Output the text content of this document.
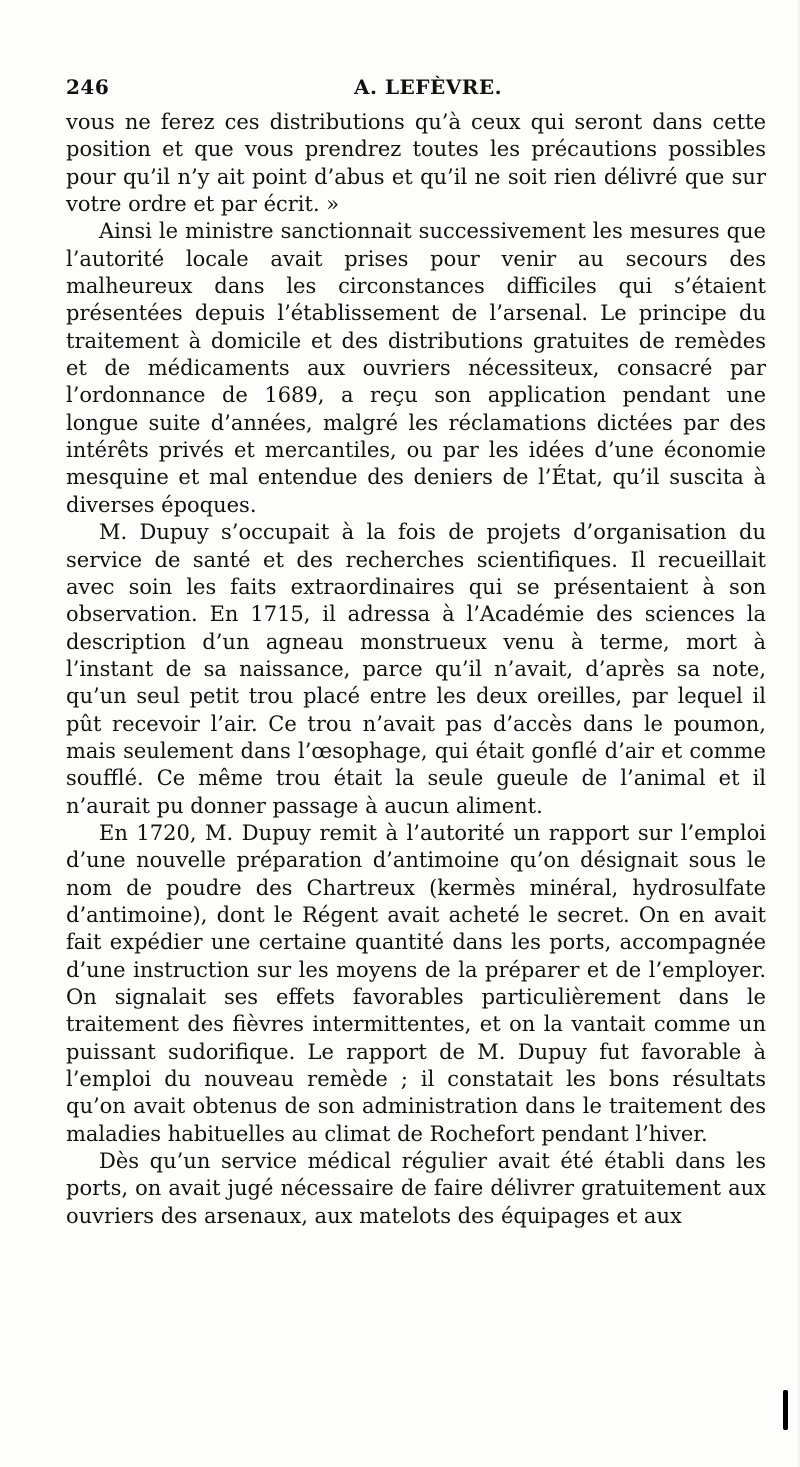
246	A. LEFÈVRE.

vous ne ferez ces distributions qu’à ceux qui seront dans cette position et que vous prendrez toutes les précautions possibles pour qu’il n’y ait point d’abus et qu’il ne soit rien délivré que sur votre ordre et par écrit. »

Ainsi le ministre sanctionnait successivement les mesures que l’autorité locale avait prises pour venir au secours des malheureux dans les circonstances difficiles qui s’étaient présentées depuis l’établissement de l’arsenal. Le principe du traitement à domicile et des distributions gratuites de remèdes et de médicaments aux ouvriers nécessiteux, consacré par l’ordonnance de 1689, a reçu son application pendant une longue suite d’années, malgré les réclamations dictées par des intérêts privés et mercantiles, ou par les idées d’une économie mesquine et mal entendue des deniers de l’État, qu’il suscita à diverses époques.

M. Dupuy s’occupait à la fois de projets d’organisation du service de santé et des recherches scientifiques. Il recueillait avec soin les faits extraordinaires qui se présentaient à son observation. En 1715, il adressa à l’Académie des sciences la description d’un agneau monstrueux venu à terme, mort à l’instant de sa naissance, parce qu’il n’avait, d’après sa note, qu’un seul petit trou placé entre les deux oreilles, par lequel il pût recevoir l’air. Ce trou n’avait pas d’accès dans le poumon, mais seulement dans l’œsophage, qui était gonflé d’air et comme soufflé. Ce même trou était la seule gueule de l’animal et il n’aurait pu donner passage à aucun aliment.

En 1720, M. Dupuy remit à l’autorité un rapport sur l’emploi d’une nouvelle préparation d’antimoine qu’on désignait sous le nom de poudre des Chartreux (kermès minéral, hydrosulfate d’antimoine), dont le Régent avait acheté le secret. On en avait fait expédier une certaine quantité dans les ports, accompagnée d’une instruction sur les moyens de la préparer et de l’employer. On signalait ses effets favorables particulièrement dans le traitement des fièvres intermittentes, et on la vantait comme un puissant sudorifique. Le rapport de M. Dupuy fut favorable à l’emploi du nouveau remède ; il constatait les bons résultats qu’on avait obtenus de son administration dans le traitement des maladies habituelles au climat de Rochefort pendant l’hiver.

Dès qu’un service médical régulier avait été établi dans les ports, on avait jugé nécessaire de faire délivrer gratuitement aux ouvriers des arsenaux, aux matelots des équipages et aux
